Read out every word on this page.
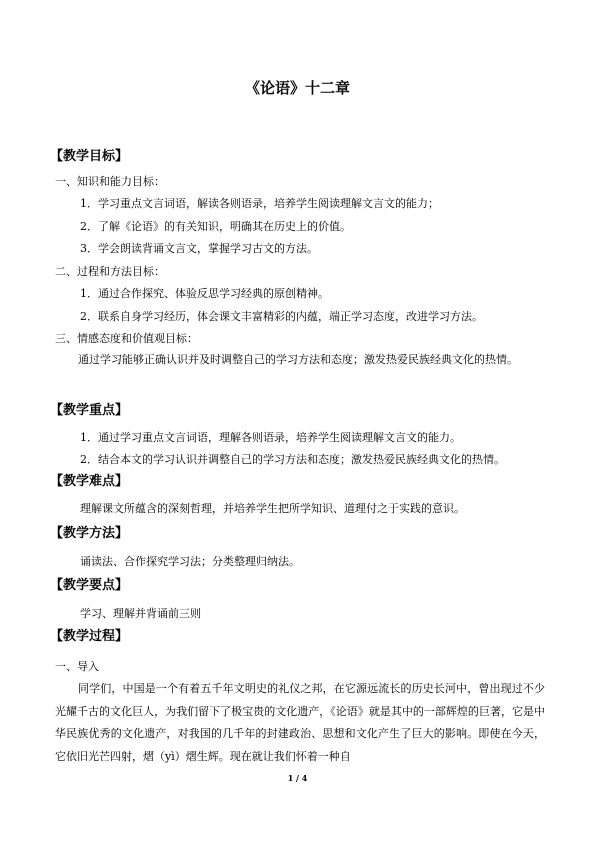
《论语》十二章
【教学目标】
一、知识和能力目标：
1．学习重点文言词语，解读各则语录，培养学生阅读理解文言文的能力；
2．了解《论语》的有关知识，明确其在历史上的价值。
3．学会朗读背诵文言文，掌握学习古文的方法。
二、过程和方法目标：
1．通过合作探究、体验反思学习经典的原创精神。
2．联系自身学习经历，体会课文丰富精彩的内蕴，端正学习态度，改进学习方法。
三、情感态度和价值观目标：
通过学习能够正确认识并及时调整自己的学习方法和态度；激发热爱民族经典文化的热情。
【教学重点】
1．通过学习重点文言词语，理解各则语录，培养学生阅读理解文言文的能力。
2．结合本文的学习认识并调整自己的学习方法和态度；激发热爱民族经典文化的热情。
【教学难点】
理解课文所蕴含的深刻哲理，并培养学生把所学知识、道理付之于实践的意识。
【教学方法】
诵读法、合作探究学习法；分类整理归纳法。
【教学要点】
学习、理解并背诵前三则
【教学过程】
一、导入
同学们，中国是一个有着五千年文明史的礼仪之邦，在它源远流长的历史长河中，曾出现过不少光耀千古的文化巨人，为我们留下了极宝贵的文化遗产，《论语》就是其中的一部辉煌的巨著，它是中华民族优秀的文化遗产，对我国的几千年的封建政治、思想和文化产生了巨大的影响。即使在今天，它依旧光芒四射，熠（yì）熠生辉。现在就让我们怀着一种自
1 / 4
